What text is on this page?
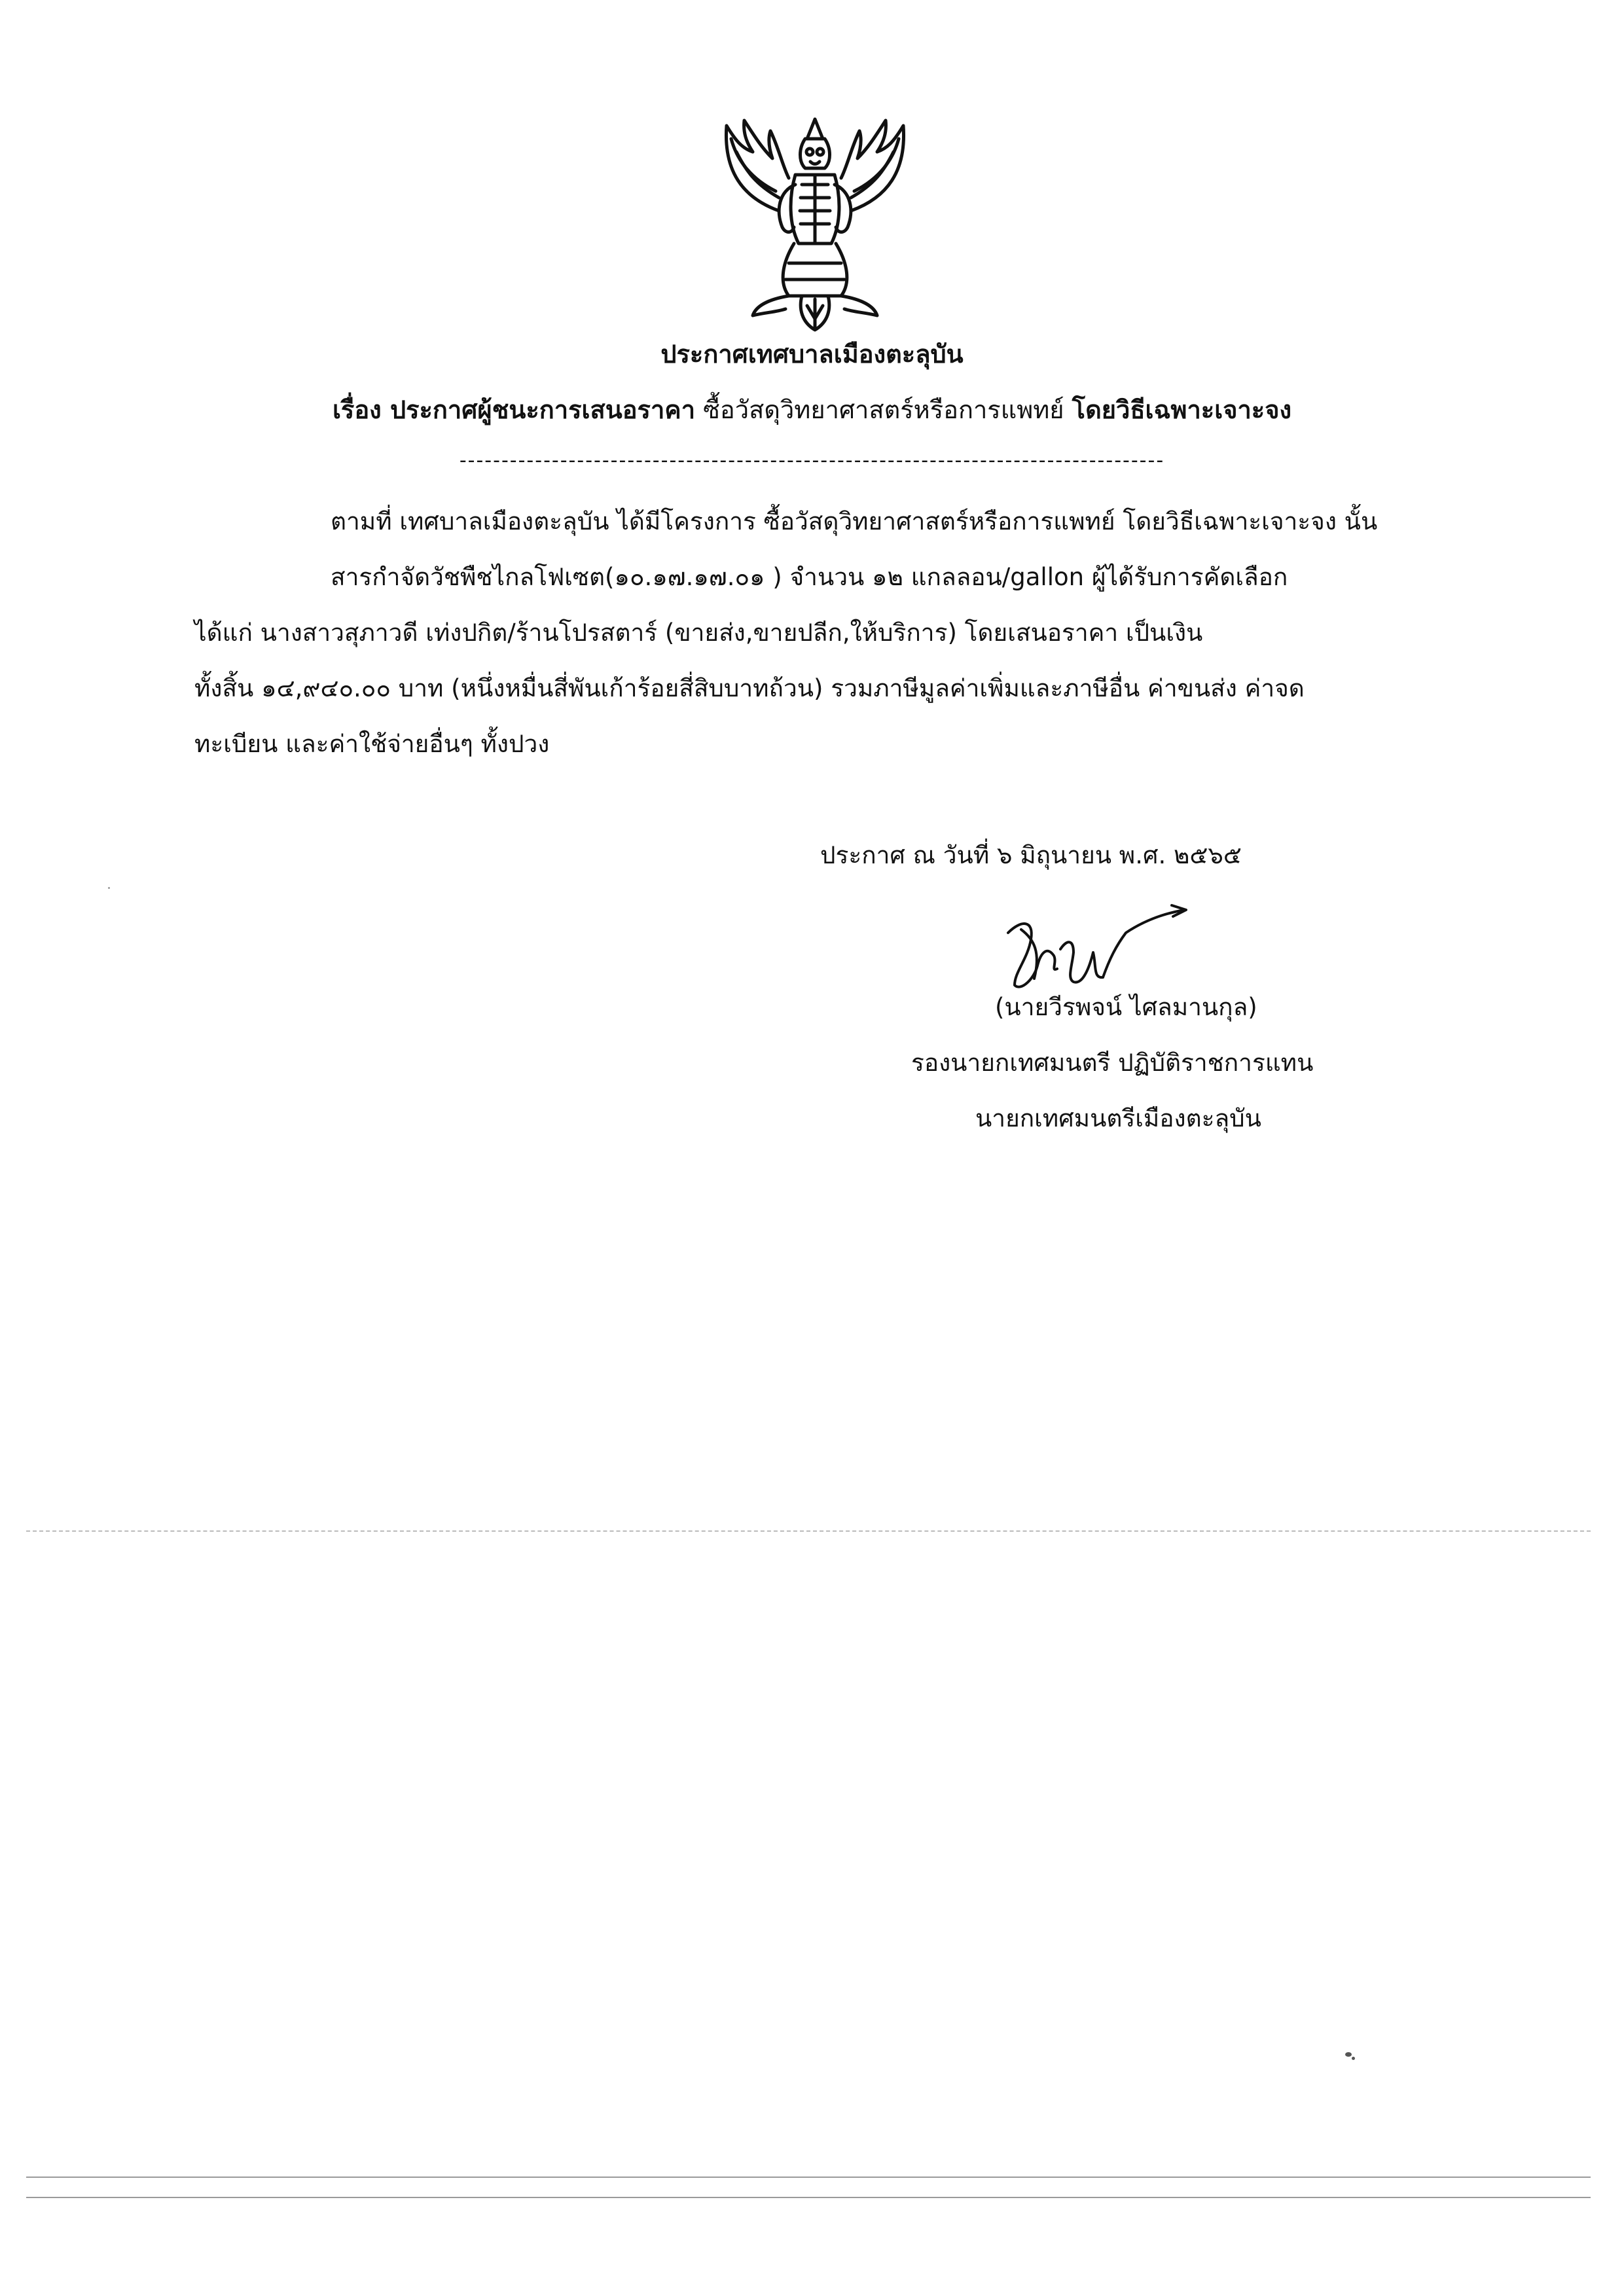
ประกาศเทศบาลเมืองตะลุบัน
เรื่อง ประกาศผู้ชนะการเสนอราคา ซื้อวัสดุวิทยาศาสตร์หรือการแพทย์ โดยวิธีเฉพาะเจาะจง
------------------------------------------------------------------------------------
ตามที่ เทศบาลเมืองตะลุบัน ได้มีโครงการ ซื้อวัสดุวิทยาศาสตร์หรือการแพทย์ โดยวิธีเฉพาะเจาะจง นั้น
สารกำจัดวัชพืชไกลโฟเซต(๑๐.๑๗.๑๗.๐๑ ) จำนวน ๑๒ แกลลอน/gallon ผู้ได้รับการคัดเลือก
ได้แก่ นางสาวสุภาวดี เท่งปกิต/ร้านโปรสตาร์ (ขายส่ง,ขายปลีก,ให้บริการ) โดยเสนอราคา เป็นเงิน
ทั้งสิ้น ๑๔,๙๔๐.๐๐ บาท (หนึ่งหมื่นสี่พันเก้าร้อยสี่สิบบาทถ้วน) รวมภาษีมูลค่าเพิ่มและภาษีอื่น ค่าขนส่ง ค่าจด
ทะเบียน และค่าใช้จ่ายอื่นๆ ทั้งปวง
ประกาศ ณ วันที่ ๖ มิถุนายน พ.ศ. ๒๕๖๕
(นายวีรพจน์ ไศลมานกุล)
รองนายกเทศมนตรี ปฏิบัติราชการแทน
นายกเทศมนตรีเมืองตะลุบัน
